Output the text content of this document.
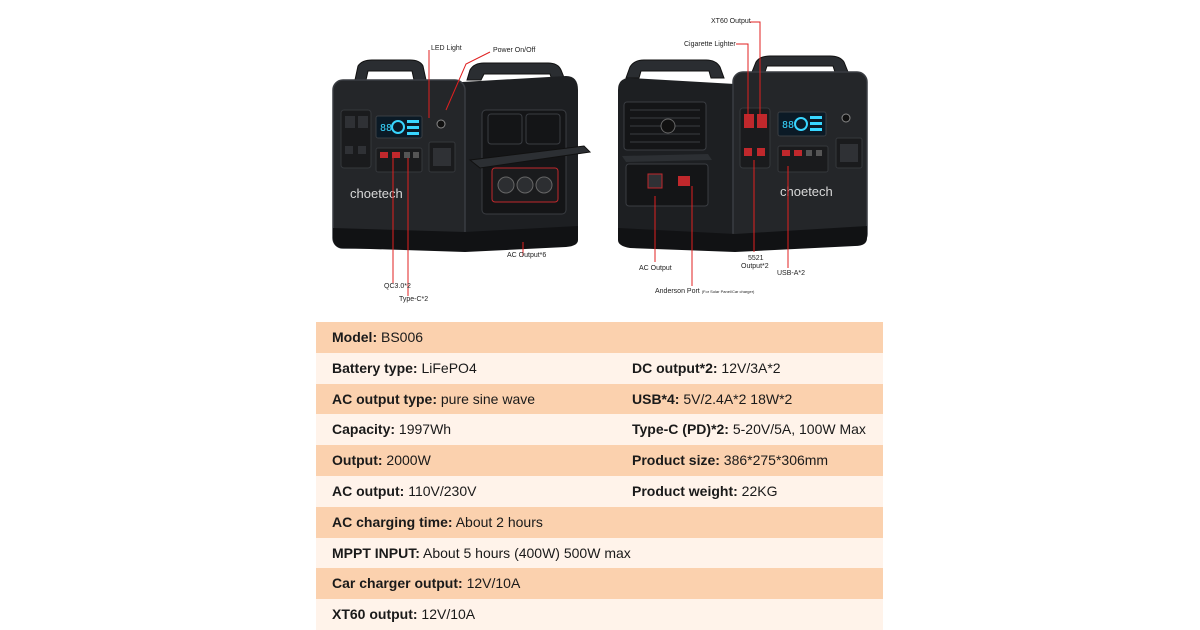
88
choetech
88
choetech
LED Light	Power On/Off
AC Output*6
QC3.0*2
Type-C*2
XT60 Output
Cigarette Lighter
AC Output
Anderson Port (For Solar Panel/Car charger)
5521
Output*2
USB-A*2
Model: BS006
Battery type: LiFePO4	DC output*2: 12V/3A*2
AC output type: pure sine wave	USB*4: 5V/2.4A*2 18W*2
Capacity: 1997Wh	Type-C (PD)*2: 5-20V/5A, 100W Max
Output: 2000W	Product size: 386*275*306mm
AC output: 110V/230V	Product weight: 22KG
AC charging time: About 2 hours
MPPT INPUT: About 5 hours (400W) 500W max
Car charger output: 12V/10A
XT60 output: 12V/10A
